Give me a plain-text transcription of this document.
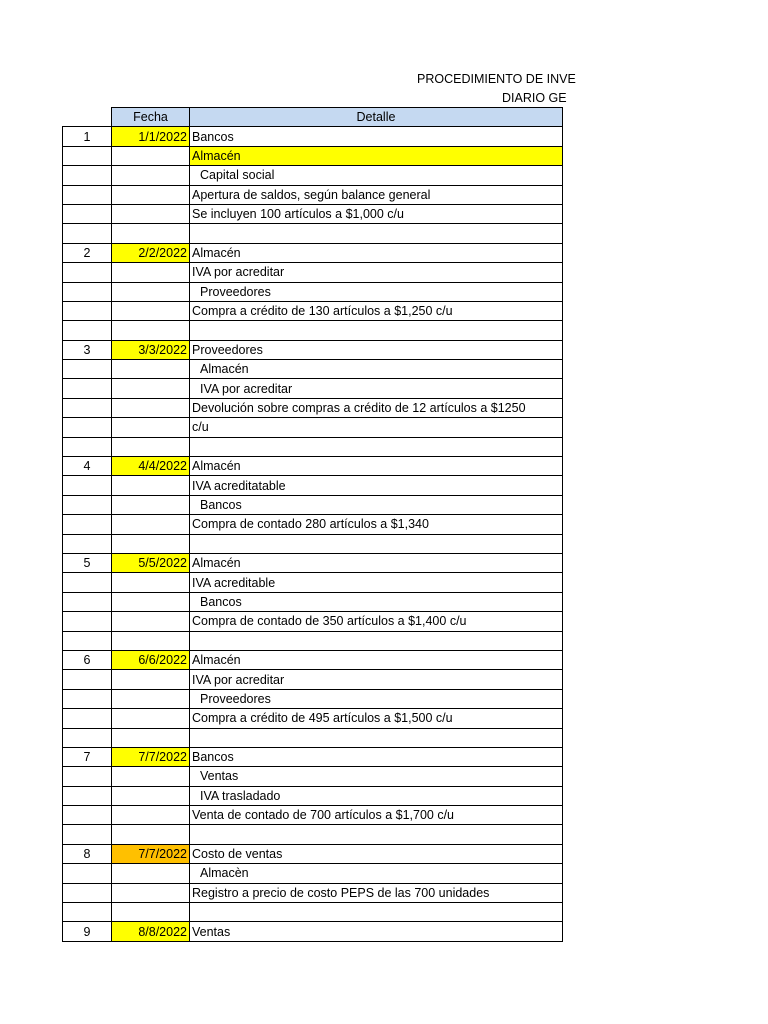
PROCEDIMIENTO DE INVE
DIARIO GE
	Fecha	Detalle
1	1/1/2022	Bancos
		Almacén
		Capital social
		Apertura de saldos, según balance general
		Se incluyen 100 artículos a $1,000 c/u

2	2/2/2022	Almacén
		IVA por acreditar
		Proveedores
		Compra a crédito de 130 artículos a $1,250 c/u

3	3/3/2022	Proveedores
		Almacén
		IVA por acreditar
		Devolución sobre compras a crédito de 12 artículos a $1250
		c/u

4	4/4/2022	Almacén
		IVA acreditatable
		Bancos
		Compra de contado 280 artículos a $1,340

5	5/5/2022	Almacén
		IVA acreditable
		Bancos
		Compra de contado de 350 artículos a $1,400 c/u

6	6/6/2022	Almacén
		IVA por acreditar
		Proveedores
		Compra a crédito de 495 artículos a $1,500 c/u

7	7/7/2022	Bancos
		Ventas
		IVA trasladado
		Venta de contado de 700 artículos a $1,700 c/u

8	7/7/2022	Costo de ventas
		Almacèn
		Registro a precio de costo PEPS de las 700 unidades

9	8/8/2022	Ventas
